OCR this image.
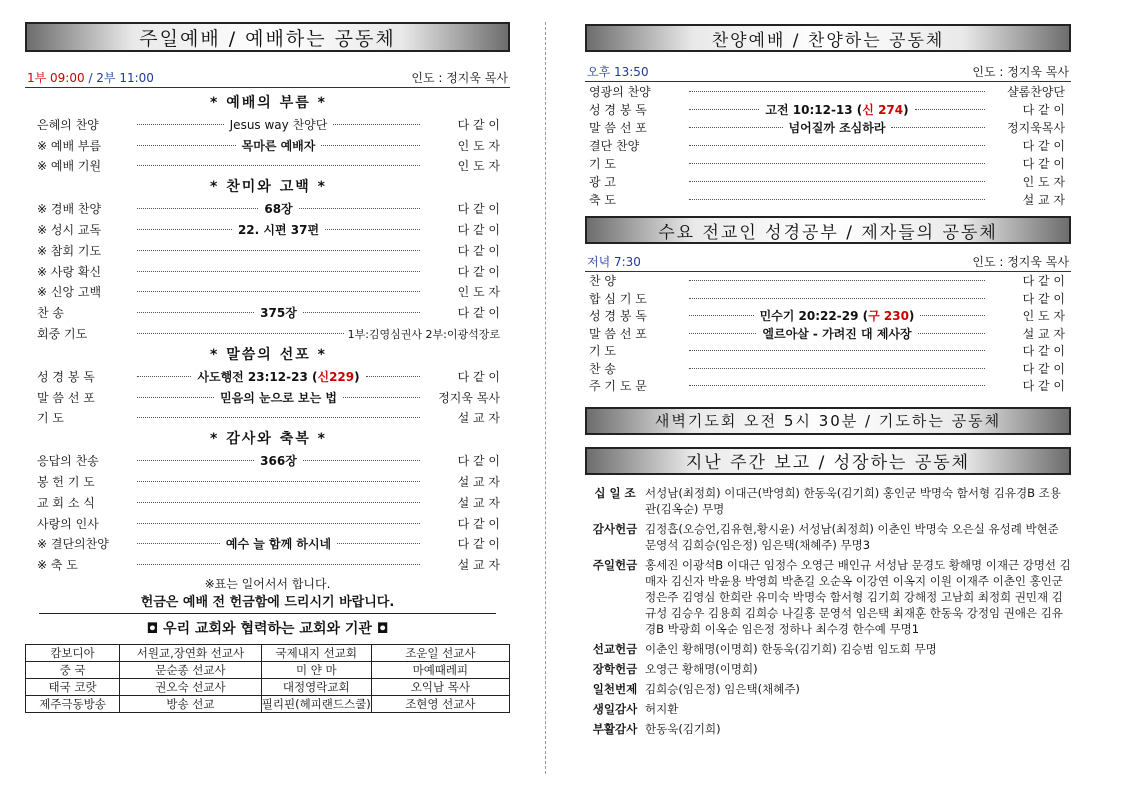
주일예배 / 예배하는 공동체
1부 09:00 / 2부 11:00	인도 : 정지욱 목사
* 예배의 부름 *
은혜의 찬양	Jesus way 찬양단	다 같 이
※ 예배 부름	목마른 예배자	인 도 자
※ 예배 기원	인 도 자
* 찬미와 고백 *
※ 경배 찬양	68장	다 같 이
※ 성시 교독	22. 시편 37편	다 같 이
※ 참회 기도	다 같 이
※ 사랑 확신	다 같 이
※ 신앙 고백	인 도 자
찬 송	375장	다 같 이
회중 기도	1부:김영심권사 2부:이광석장로
* 말씀의 선포 *
성 경 봉 독	사도행전 23:12-23 (신229)	다 같 이
말 씀 선 포	믿음의 눈으로 보는 법	정지욱 목사
기 도	설 교 자
* 감사와 축복 *
응답의 찬송	366장	다 같 이
봉 헌 기 도	설 교 자
교 회 소 식	설 교 자
사랑의 인사	다 같 이
※ 결단의찬양	예수 늘 함께 하시네	다 같 이
※ 축 도	설 교 자
※표는 일어서서 합니다.
헌금은 예배 전 헌금함에 드리시기 바랍니다.
◘ 우리 교회와 협력하는 교회와 기관 ◘
캄보디아	서원교,장연화 선교사	국제내지 선교회	조운일 선교사
중 국	문순종 선교사	미 얀 마	마예때레피
태국 코랏	권오숙 선교사	대정영락교회	오익남 목사
제주극동방송	방송 선교	필리핀(헤피랜드스쿨)	조현영 선교사
찬양예배 / 찬양하는 공동체
오후 13:50	인도 : 정지욱 목사
영광의 찬양	샬롬찬양단
성 경 봉 독	고전 10:12-13 (신 274)	다 같 이
말 씀 선 포	넘어질까 조심하라	정지욱목사
결단 찬양	다 같 이
기 도	다 같 이
광 고	인 도 자
축 도	설 교 자
수요 전교인 성경공부 / 제자들의 공동체
저녁 7:30	인도 : 정지욱 목사
찬 양	다 같 이
합 심 기 도	다 같 이
성 경 봉 독	민수기 20:22-29 (구 230)	인 도 자
말 씀 선 포	엘르아살 - 가려진 대 제사장	설 교 자
기 도	다 같 이
찬 송	다 같 이
주 기 도 문	다 같 이
새벽기도회 오전 5시 30분 / 기도하는 공동체
지난 주간 보고 / 성장하는 공동체
십 일 조 서성남(최정희) 이대근(박영희) 한동욱(김기희) 홍인군 박명숙 함서형 김유경B 조용관(김옥순) 무명
감사헌금 김정흡(오승언,김유현,황시윤) 서성남(최정희) 이춘인 박명숙 오은실 유성례 박현준 문영석 김희승(임은정) 임은택(채혜주) 무명3
주일헌금 홍세진 이광석B 이대근 임정수 오영근 배인규 서성남 문경도 황해명 이재근 강명선 김매자 김신자 박윤용 박영희 박춘길 오순옥 이강연 이옥지 이원 이재주 이춘인 홍인군 정은주 김영심 한희란 유미숙 박명숙 함서형 김기희 강해정 고남희 최정희 권민재 김규성 김승우 김용희 김희승 나길홍 문영석 임은택 최재훈 한동욱 강정임 권애은 김유경B 박광희 이옥순 임은정 정하나 최수경 한수예 무명1
선교헌금 이춘인 황해명(이명희) 한동욱(김기희) 김승범 임도희 무명
장학헌금 오영근 황해명(이명희)
일천번제 김희승(임은정) 임은택(채혜주)
생일감사 허지환
부활감사 한동욱(김기희)
